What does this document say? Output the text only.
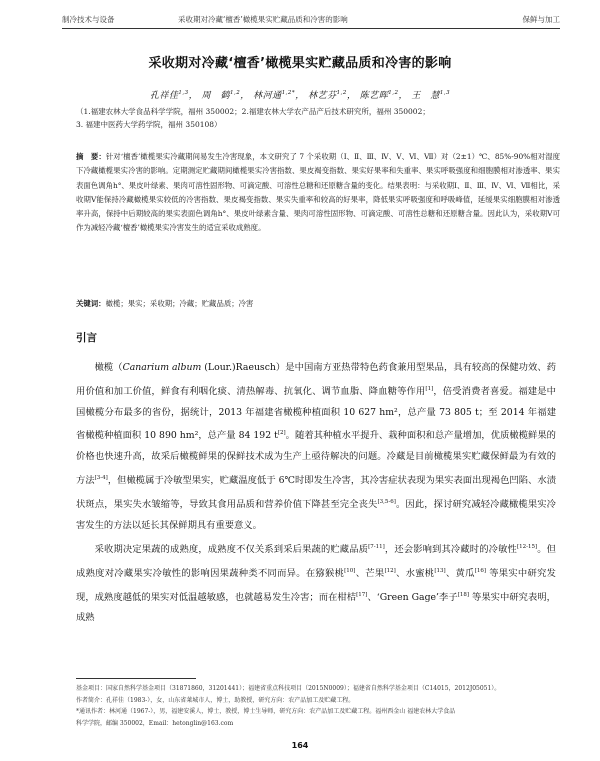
制冷技术与设备	采收期对冷藏‘檀香’橄榄果实贮藏品质和冷害的影响	保鲜与加工
采收期对冷藏‘檀香’橄榄果实贮藏品质和冷害的影响
孔祥佳$^{1,3}$， 周　鹤$^{1,2}$， 林河通$^{1,2*}$， 林艺芬$^{1,2}$， 陈艺晖$^{1,2}$， 王　慧$^{1,3}$
（1.福建农林大学食品科学学院，福州 350002；2.福建农林大学农产品产后技术研究所，福州 350002；
3. 福建中医药大学药学院，福州 350108）
摘　要：针对‘檀香’橄榄果实冷藏期间易发生冷害现象，本文研究了 7 个采收期（Ⅰ、Ⅱ、Ⅲ、Ⅳ、Ⅴ、Ⅵ、Ⅶ）对（2±1）℃、85%-90%相对湿度下冷藏橄榄果实冷害的影响。定期测定贮藏期间橄榄果实冷害指数、果皮褐变指数、果实好果率和失重率、果实呼吸强度和细胞膜相对渗透率、果实表面色调角h°、果皮叶绿素、果肉可溶性固形物、可滴定酸、可溶性总糖和还原糖含量的变化。结果表明：与采收期Ⅰ、Ⅱ、Ⅲ、Ⅳ、Ⅵ、Ⅶ相比，采收期Ⅴ能保持冷藏橄榄果实较低的冷害指数、果皮褐变指数、果实失重率和较高的好果率，降低果实呼吸强度和呼吸峰值，延缓果实细胞膜相对渗透率升高，保持中后期较高的果实表面色调角h°、果皮叶绿素含量、果肉可溶性固形物、可滴定酸、可溶性总糖和还原糖含量。因此认为，采收期Ⅴ可作为减轻冷藏‘檀香’橄榄果实冷害发生的适宜采收成熟度。
关键词：橄榄；果实；采收期；冷藏；贮藏品质；冷害
引言

橄榄（Canarium album (Lour.)Raeusch）是中国南方亚热带特色药食兼用型果品，具有较高的保健功效、药用价值和加工价值，鲜食有利咽化痰、清热解毒、抗氧化、调节血脂、降血糖等作用[1]，倍受消费者喜爱。福建是中国橄榄分布最多的省份，据统计，2013 年福建省橄榄种植面积 10 627 hm²，总产量 73 805 t；至 2014 年福建省橄榄种植面积 10 890 hm²，总产量 84 192 t[2]。随着其种植水平提升、栽种面积和总产量增加，优质橄榄鲜果的价格也快速升高，故采后橄榄鲜果的保鲜技术成为生产上亟待解决的问题。冷藏是目前橄榄果实贮藏保鲜最为有效的方法[3-4]，但橄榄属于冷敏型果实，贮藏温度低于 6℃时即发生冷害，其冷害症状表现为果实表面出现褐色凹陷、水渍状斑点，果实失水皱缩等，导致其食用品质和营养价值下降甚至完全丧失[3,5-6]。因此，探讨研究减轻冷藏橄榄果实冷害发生的方法以延长其保鲜期具有重要意义。

采收期决定果蔬的成熟度，成熟度不仅关系到采后果蔬的贮藏品质[7-11]，还会影响到其冷藏时的冷敏性[12-15]。但成熟度对冷藏果实冷敏性的影响因果蔬种类不同而异。在猕猴桃[10]、芒果[12]、水蜜桃[13]、黄瓜[16] 等果实中研究发现，成熟度越低的果实对低温越敏感，也就越易发生冷害；而在柑桔[17]、‘Green Gage’李子[18] 等果实中研究表明，成熟

基金项目：国家自然科学基金项目（31871860，31201441）；福建省重点科技项目（2015N0009）；福建省自然科学基金项目（C14015，2012J05051）。
作者简介：孔祥佳（1983-），女，山东省莱城市人，博士，助教授，研究方向：农产品加工及贮藏工程。
*通讯作者：林河通（1967-），男，福建安溪人，博士，教授，博士生导师，研究方向：农产品加工及贮藏工程。福州西金山 福建农林大学食品
科学学院，邮编 350002，Email：hetonglin@163.com
164
